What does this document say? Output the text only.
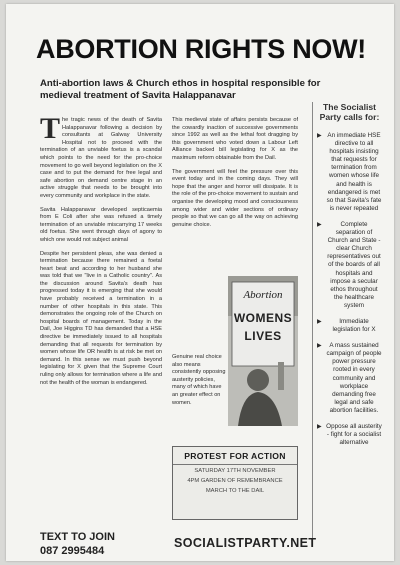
ABORTION RIGHTS NOW!
Anti-abortion laws & Church ethos in hospital responsible for medieval treatment of Savita Halappanavar

The tragic news of the death of Savita Halappanavar following a decision by consultants at Galway University Hospital not to proceed with the termination of an unviable foetus is a scandal which points to the need for the pro-choice movement to go well beyond legislation on the X case and to put the demand for free legal and safe abortion on demand centre stage in an active struggle that needs to be brought into every community and workplace in the state.

Savita Halappanavar developed septicaemia from E Coli after she was refused a timely termination of an unviable miscarrying 17 weeks old foetus. She went through days of agony to which one would not subject animal

Despite her persistent pleas, she was denied a termination because there remained a foetal heart beat and according to her husband she was told that we "live in a Catholic country". As the discussion around Savita's death has progressed today it is emerging that she would have probably received a termination in a number of other hospitals in this state. This demonstrates the ongoing role of the Church on hospital boards of management. Today in the Dail, Joe Higgins TD has demanded that a HSE directive be immediately issued to all hospitals demanding that all requests for termination by women whose life OR health is at risk be met on demand. In this sense we must push beyond legislating for X given that the Supreme Court ruling only allows for termination where a life and not the health of the woman is endangered.

This medieval state of affairs persists because of the cowardly inaction of successive governments since 1992 as well as the lethal foot dragging by this government who voted down a Labour Left Alliance backed bill legislating for X as the maximum reform obtainable from the Dail.

The government will feel the pressure over this event today and in the coming days. They will hope that the anger and horror will dissipate. It is the role of the pro-choice movement to sustain and organise the developing mood and consciousness among wider and wider sections of ordinary people so that we can go all the way on achieving genuine choice.

Genuine real choice also means consistently opposing austerity policies, many of which have an greater effect on women.

Abortion
WOMENS
LIVES
The Socialist Party calls for:
▶ An immediate HSE directive to all hospitals insisting that requests for termination from women whose life and health is endangered is met so that Savita's fate is never repeated
▶	Complete separation of Church and State - clear Church representatives out of the boards of all hospitals and impose a secular ethos throughout the healthcare system
▶	Immediate legislation for X
▶	A mass sustained campaign of people power pressure rooted in every community and workplace demanding free legal and safe abortion facilities.
▶ Oppose all austerity - fight for a socialist alternative
PROTEST FOR ACTION
SATURDAY 17TH NOVEMBER
4PM GARDEN OF REMEMBRANCE
MARCH TO THE DAIL
TEXT TO JOIN
087 2995484
SOCIALISTPARTY.NET
